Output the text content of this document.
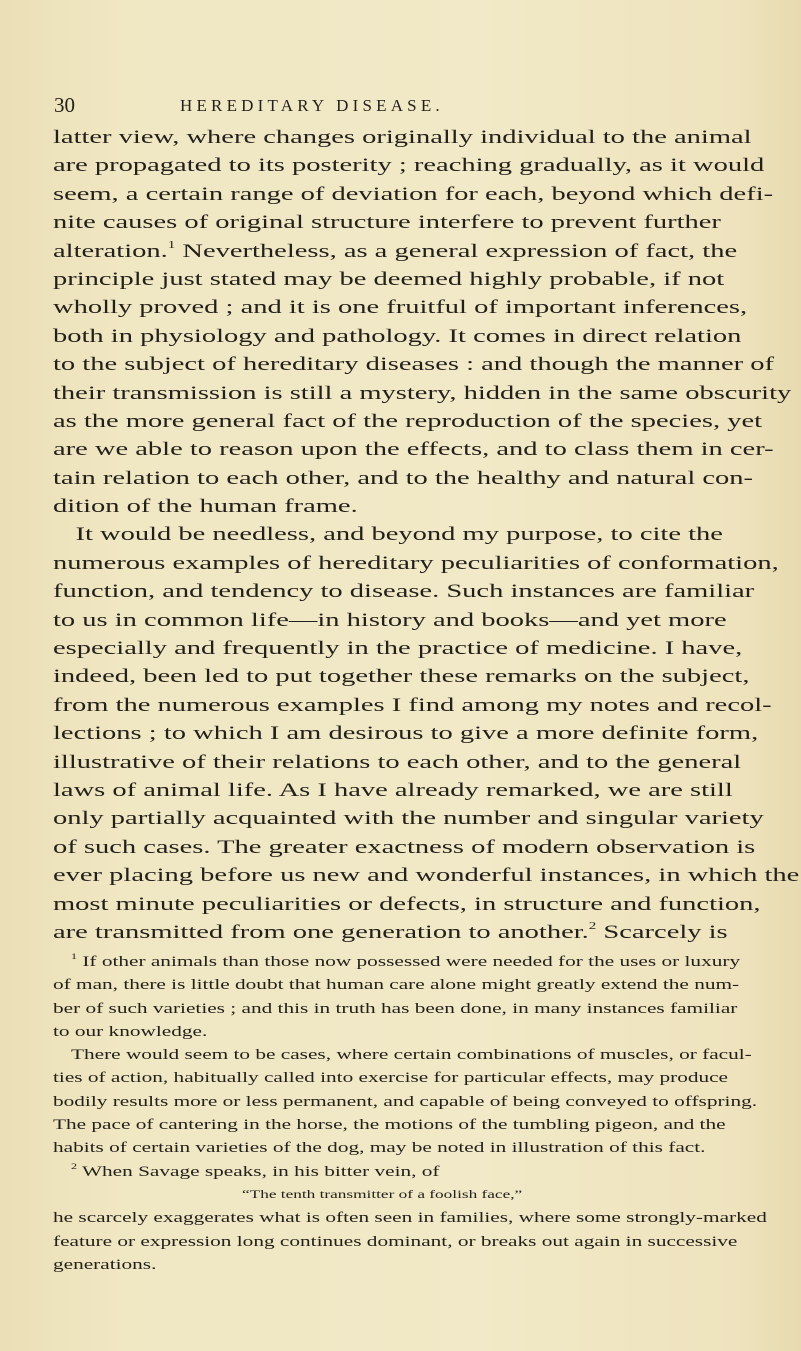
30	HEREDITARY DISEASE.
latter view, where changes originally individual to the animal
are propagated to its posterity ; reaching gradually, as it would
seem, a certain range of deviation for each, beyond which defi-
nite causes of original structure interfere to prevent further
alteration.$^1$ Nevertheless, as a general expression of fact, the
principle just stated may be deemed highly probable, if not
wholly proved ; and it is one fruitful of important inferences,
both in physiology and pathology. It comes in direct relation
to the subject of hereditary diseases : and though the manner of
their transmission is still a mystery, hidden in the same obscurity
as the more general fact of the reproduction of the species, yet
are we able to reason upon the effects, and to class them in cer-
tain relation to each other, and to the healthy and natural con-
dition of the human frame.
It would be needless, and beyond my purpose, to cite the
numerous examples of hereditary peculiarities of conformation,
function, and tendency to disease. Such instances are familiar
to us in common life—in history and books—and yet more
especially and frequently in the practice of medicine. I have,
indeed, been led to put together these remarks on the subject,
from the numerous examples I find among my notes and recol-
lections ; to which I am desirous to give a more definite form,
illustrative of their relations to each other, and to the general
laws of animal life. As I have already remarked, we are still
only partially acquainted with the number and singular variety
of such cases. The greater exactness of modern observation is
ever placing before us new and wonderful instances, in which the
most minute peculiarities or defects, in structure and function,
are transmitted from one generation to another.$^2$ Scarcely is
$^1$ If other animals than those now possessed were needed for the uses or luxury
of man, there is little doubt that human care alone might greatly extend the num-
ber of such varieties ; and this in truth has been done, in many instances familiar
to our knowledge.
There would seem to be cases, where certain combinations of muscles, or facul-
ties of action, habitually called into exercise for particular effects, may produce
bodily results more or less permanent, and capable of being conveyed to offspring.
The pace of cantering in the horse, the motions of the tumbling pigeon, and the
habits of certain varieties of the dog, may be noted in illustration of this fact.
$^2$ When Savage speaks, in his bitter vein, of
“The tenth transmitter of a foolish face,”
he scarcely exaggerates what is often seen in families, where some strongly-marked
feature or expression long continues dominant, or breaks out again in successive
generations.
